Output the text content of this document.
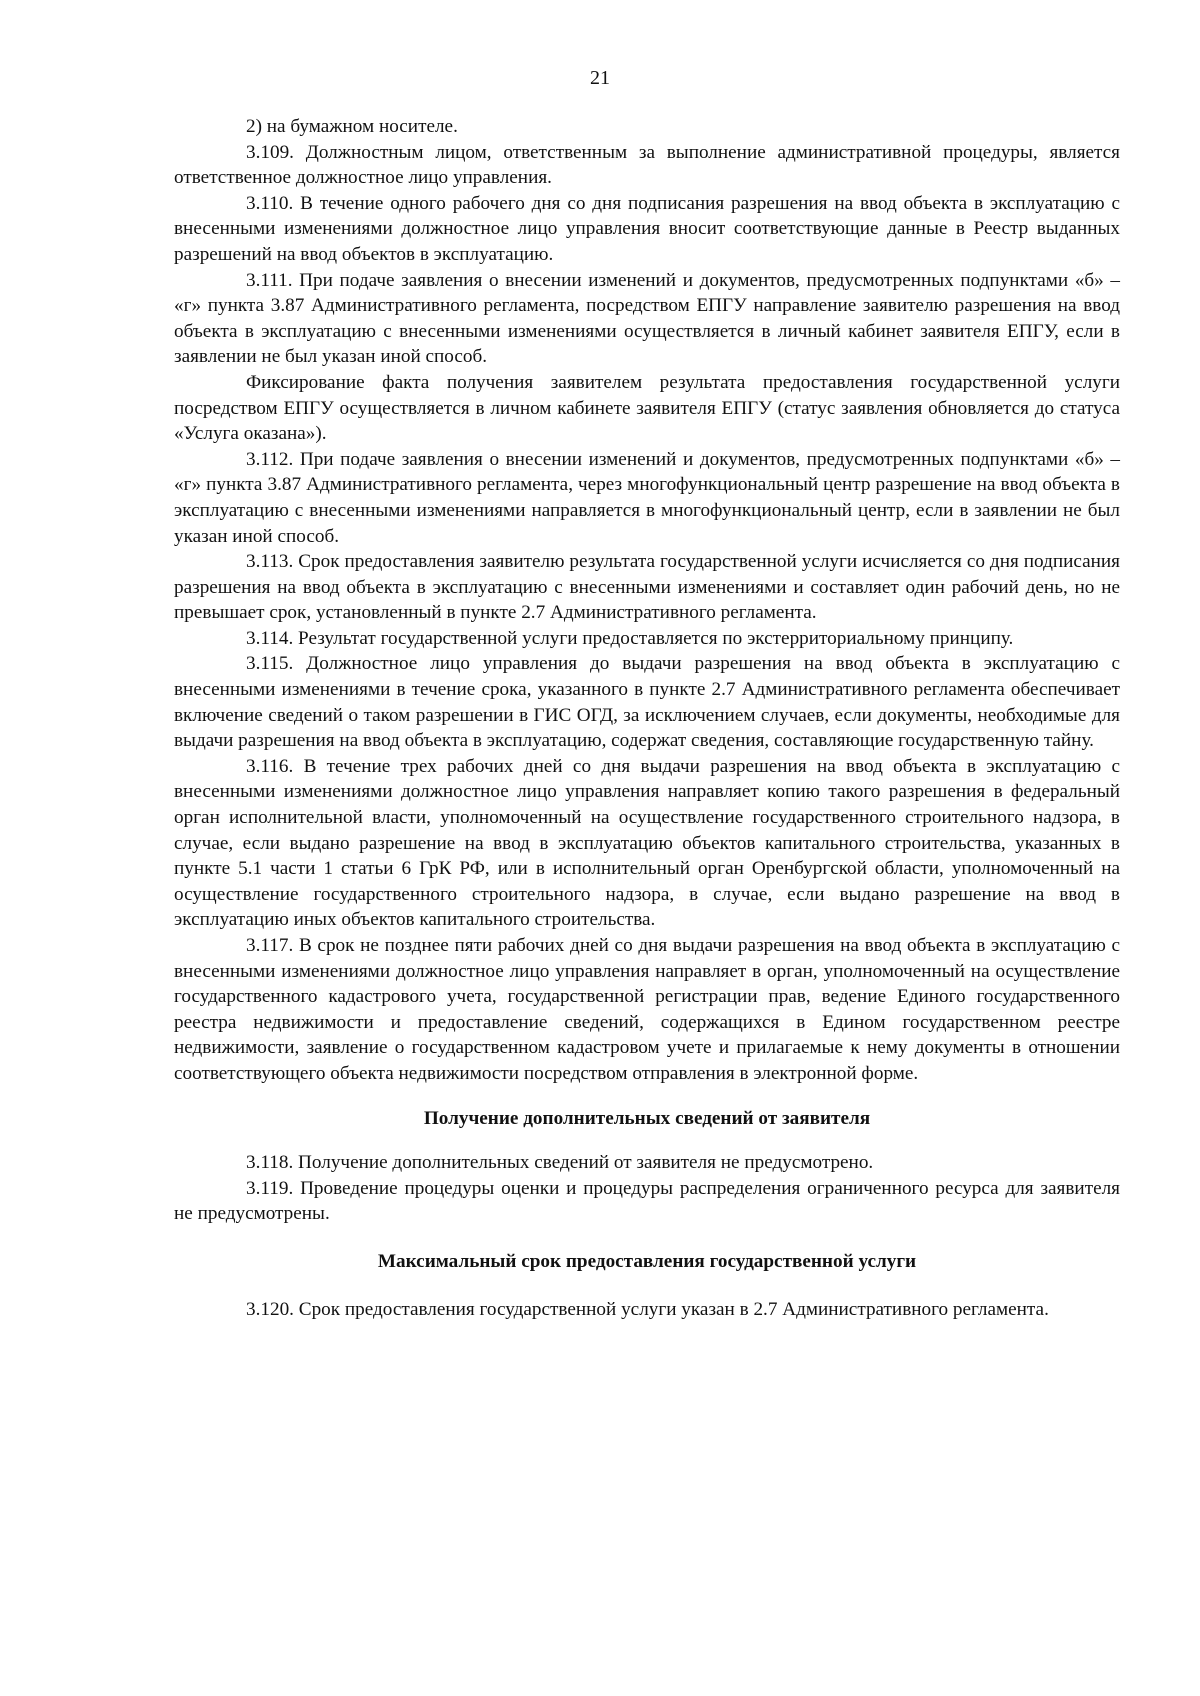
21

2) на бумажном носителе.

3.109. Должностным лицом, ответственным за выполнение административной процедуры, является ответственное должностное лицо управления.

3.110. В течение одного рабочего дня со дня подписания разрешения на ввод объекта в эксплуатацию с внесенными изменениями должностное лицо управления вносит соответствующие данные в Реестр выданных разрешений на ввод объектов в эксплуатацию.

3.111. При подаче заявления о внесении изменений и документов, предусмотренных подпунктами «б» – «г» пункта 3.87 Административного регламента, посредством ЕПГУ направление заявителю разрешения на ввод объекта в эксплуатацию с внесенными изменениями осуществляется в личный кабинет заявителя ЕПГУ, если в заявлении не был указан иной способ.

Фиксирование факта получения заявителем результата предоставления государственной услуги посредством ЕПГУ осуществляется в личном кабинете заявителя ЕПГУ (статус заявления обновляется до статуса «Услуга оказана»).

3.112. При подаче заявления о внесении изменений и документов, предусмотренных подпунктами «б» – «г» пункта 3.87 Административного регламента, через многофункциональный центр разрешение на ввод объекта в эксплуатацию с внесенными изменениями направляется в многофункциональный центр, если в заявлении не был указан иной способ.

3.113. Срок предоставления заявителю результата государственной услуги исчисляется со дня подписания разрешения на ввод объекта в эксплуатацию с внесенными изменениями и составляет один рабочий день, но не превышает срок, установленный в пункте 2.7 Административного регламента.

3.114. Результат государственной услуги предоставляется по экстерриториальному принципу.

3.115. Должностное лицо управления до выдачи разрешения на ввод объекта в эксплуатацию с внесенными изменениями в течение срока, указанного в пункте 2.7 Административного регламента обеспечивает включение сведений о таком разрешении в ГИС ОГД, за исключением случаев, если документы, необходимые для выдачи разрешения на ввод объекта в эксплуатацию, содержат сведения, составляющие государственную тайну.

3.116. В течение трех рабочих дней со дня выдачи разрешения на ввод объекта в эксплуатацию с внесенными изменениями должностное лицо управления направляет копию такого разрешения в федеральный орган исполнительной власти, уполномоченный на осуществление государственного строительного надзора, в случае, если выдано разрешение на ввод в эксплуатацию объектов капитального строительства, указанных в пункте 5.1 части 1 статьи 6 ГрК РФ, или в исполнительный орган Оренбургской области, уполномоченный на осуществление государственного строительного надзора, в случае, если выдано разрешение на ввод в эксплуатацию иных объектов капитального строительства.

3.117. В срок не позднее пяти рабочих дней со дня выдачи разрешения на ввод объекта в эксплуатацию с внесенными изменениями должностное лицо управления направляет в орган, уполномоченный на осуществление государственного кадастрового учета, государственной регистрации прав, ведение Единого государственного реестра недвижимости и предоставление сведений, содержащихся в Едином государственном реестре недвижимости, заявление о государственном кадастровом учете и прилагаемые к нему документы в отношении соответствующего объекта недвижимости посредством отправления в электронной форме.

Получение дополнительных сведений от заявителя

3.118. Получение дополнительных сведений от заявителя не предусмотрено.

3.119. Проведение процедуры оценки и процедуры распределения ограниченного ресурса для заявителя не предусмотрены.

Максимальный срок предоставления государственной услуги

3.120. Срок предоставления государственной услуги указан в 2.7 Административного регламента.
